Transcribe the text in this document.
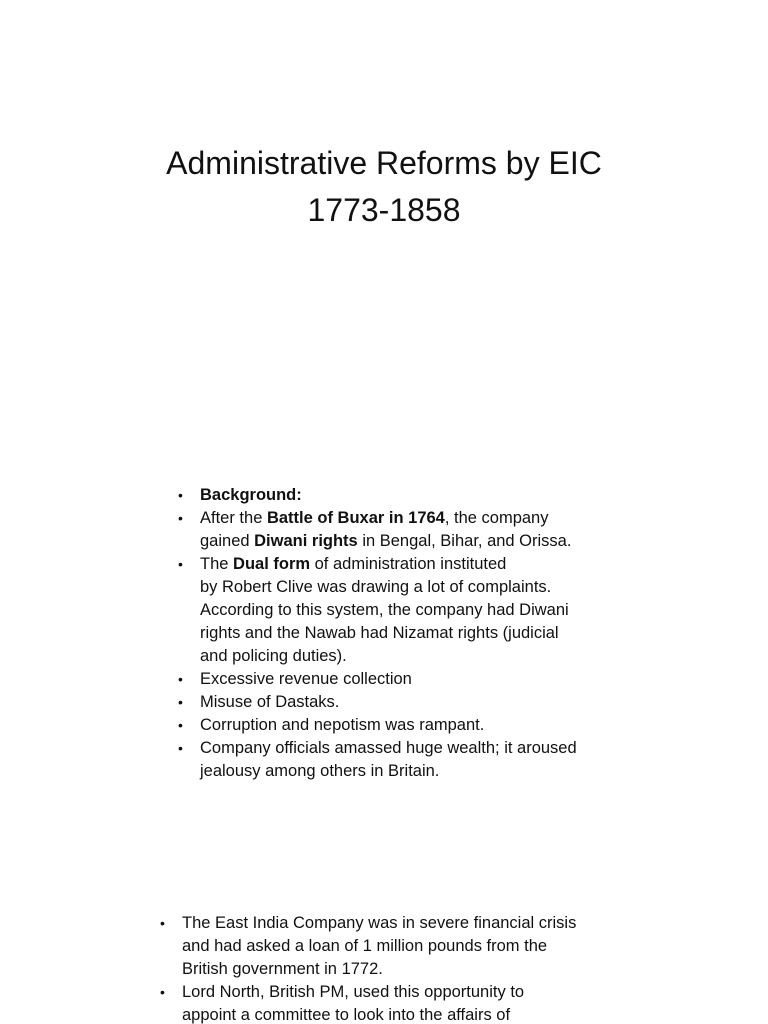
Administrative Reforms by EIC
1773-1858
• Background:
• After the Battle of Buxar in 1764, the company
gained Diwani rights in Bengal, Bihar, and Orissa.
• The Dual form of administration instituted
by Robert Clive was drawing a lot of complaints.
According to this system, the company had Diwani
rights and the Nawab had Nizamat rights (judicial
and policing duties).
• Excessive revenue collection
• Misuse of Dastaks.
• Corruption and nepotism was rampant.
• Company officials amassed huge wealth; it aroused
jealousy among others in Britain.
• The East India Company was in severe financial crisis
and had asked a loan of 1 million pounds from the
British government in 1772.
• Lord North, British PM, used this opportunity to
appoint a committee to look into the affairs of
